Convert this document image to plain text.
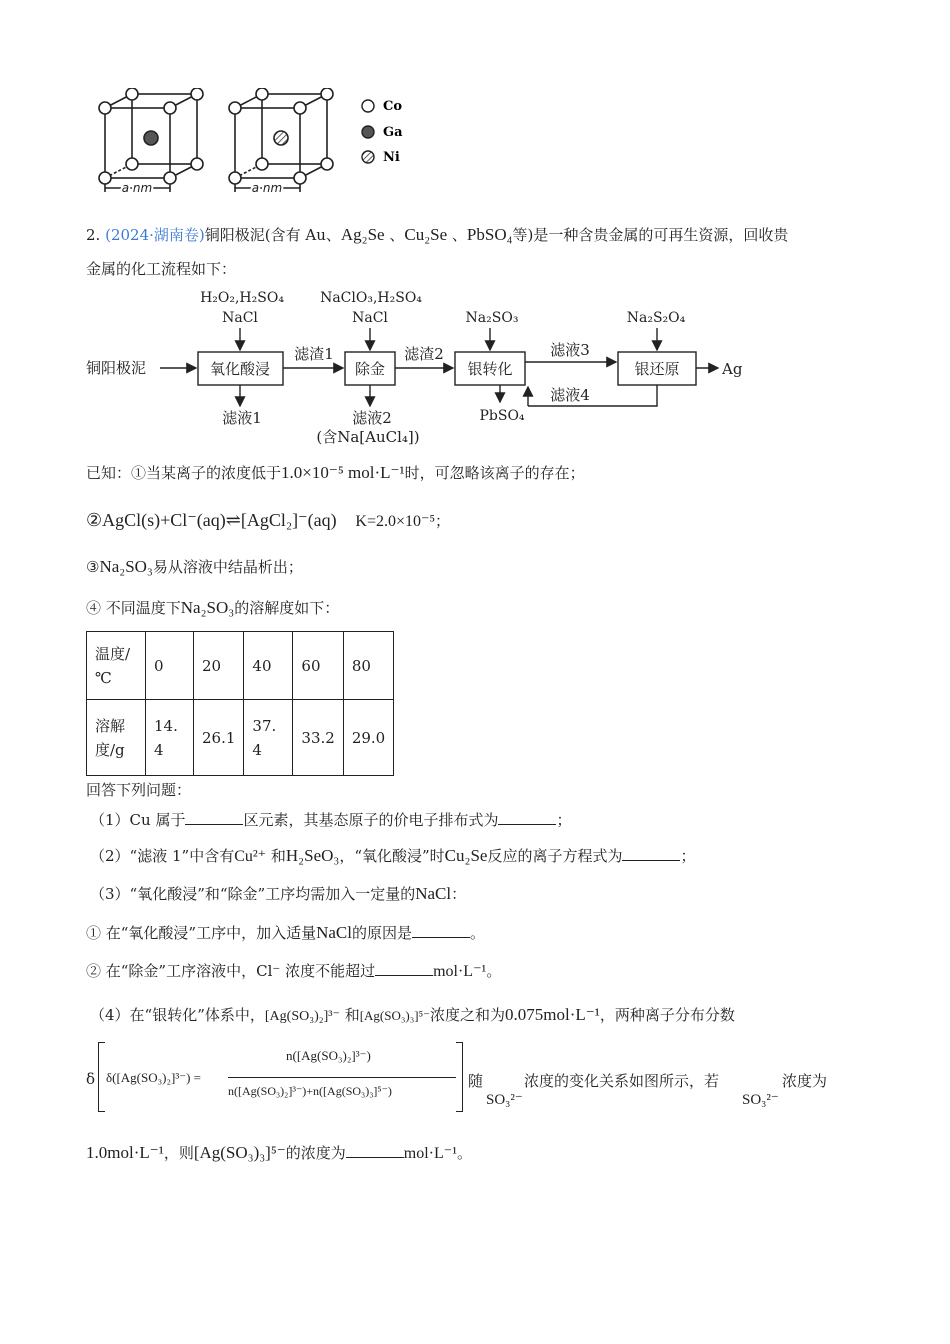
a nm	a nm
Co
Ga
Ni
2. (2024·湖南卷)铜阳极泥(含有 Au、Ag₂Se 、Cu₂Se 、PbSO₄等)是一种含贵金属的可再生资源，回收贵
金属的化工流程如下：
铜阳极泥	氧化酸浸	除金	银转化	银还原
滤渣1	滤渣2	滤液3
Ag
滤液4
H₂O₂,H₂SO₄
NaCl
NaClO₃,H₂SO₄
NaCl	Na₂SO₃	Na₂S₂O₄
滤液1	滤液2
(含Na[AuCl₄])
PbSO₄
已知：①当某离子的浓度低于1.0×10⁻⁵ mol·L⁻¹时，可忽略该离子的存在；
②AgCl(s)+Cl⁻(aq)⇌[AgCl₂]⁻(aq) K=2.0×10⁻⁵；
③Na₂SO₃易从溶液中结晶析出；
④ 不同温度下Na₂SO₃的溶解度如下：
温度/℃	0	20	40	60	80
溶解度/g	14.4	26.1	37.4	33.2	29.0
回答下列问题：
（1）Cu 属于	区元素，其基态原子的价电子排布式为	；
（2）“滤液 1”中含有Cu²⁺ 和H₂SeO₃，“氧化酸浸”时Cu₂Se反应的离子方程式为	；
（3）“氧化酸浸”和“除金”工序均需加入一定量的NaCl：
① 在“氧化酸浸”工序中，加入适量NaCl的原因是	。
② 在“除金”工序溶液中，Cl⁻ 浓度不能超过	mol·L⁻¹。
（4）在“银转化”体系中，[Ag(SO₃)₂]³⁻ 和[Ag(SO₃)₃]⁵⁻浓度之和为0.075mol·L⁻¹，两种离子分布分数
δ δ([Ag(SO₃)₂]³⁻) =
n([Ag(SO₃)₂]³⁻)
n([Ag(SO₃)₂]³⁻)+n([Ag(SO₃)₃]⁵⁻)
随
SO₃²⁻
浓度的变化关系如图所示，若
SO₃²⁻
浓度为
1.0mol·L⁻¹，则[Ag(SO₃)₃]⁵⁻的浓度为	mol·L⁻¹。
